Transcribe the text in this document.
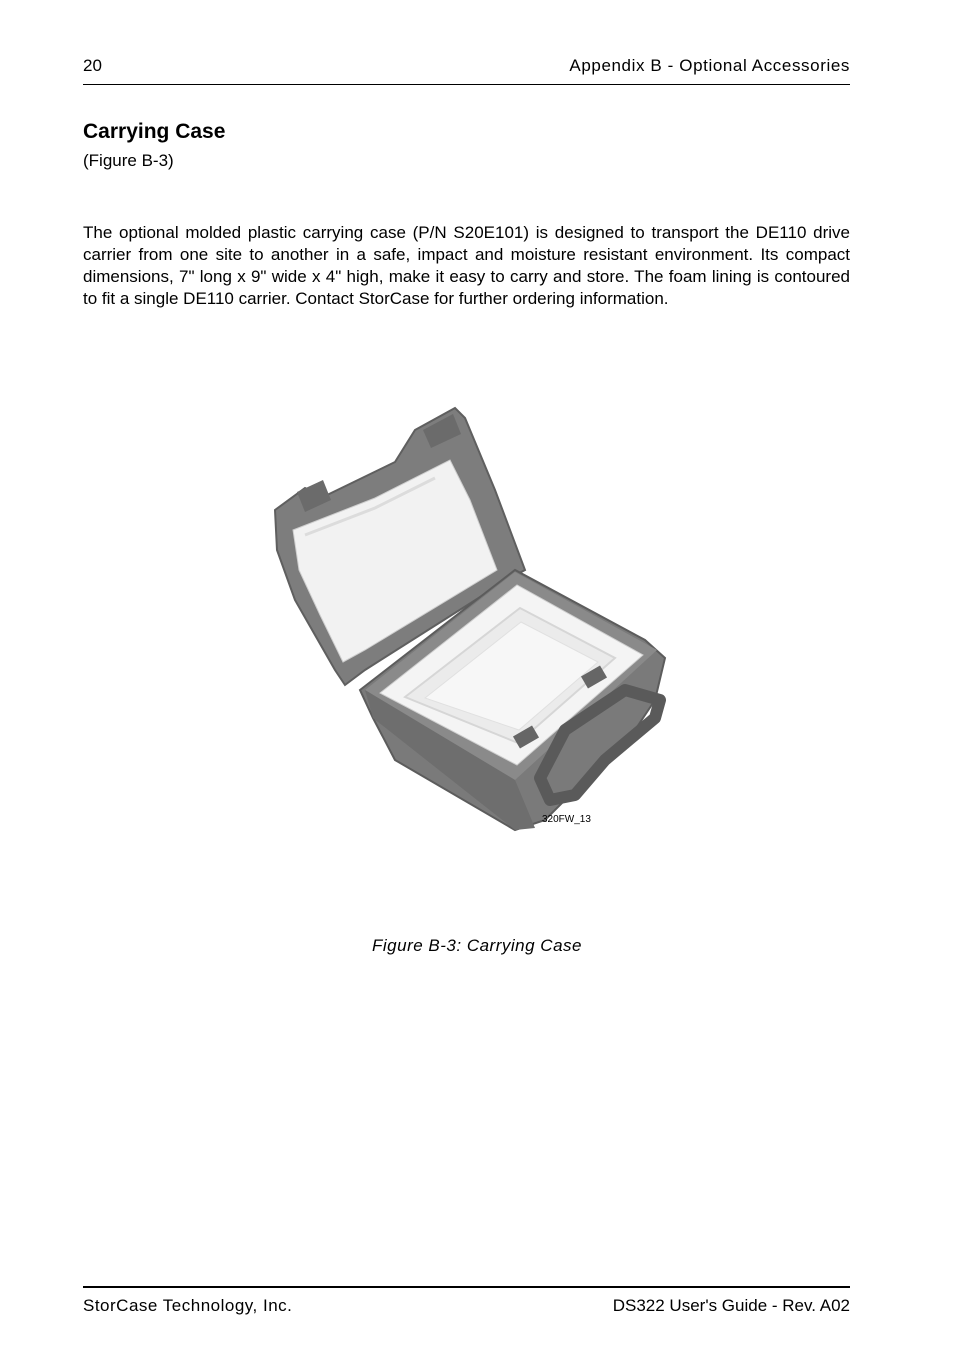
20	Appendix B - Optional Accessories
Carrying Case
(Figure B-3)

The optional molded plastic carrying case (P/N S20E101) is designed to transport the DE110 drive carrier from one site to another in a safe, impact and moisture resistant environment. Its compact dimensions, 7" long x 9" wide x 4" high, make it easy to carry and store. The foam lining is contoured to fit a single DE110 carrier. Contact StorCase for further ordering information.

320FW_13
Figure B-3: Carrying Case
StorCase Technology, Inc.	DS322 User's Guide - Rev. A02
